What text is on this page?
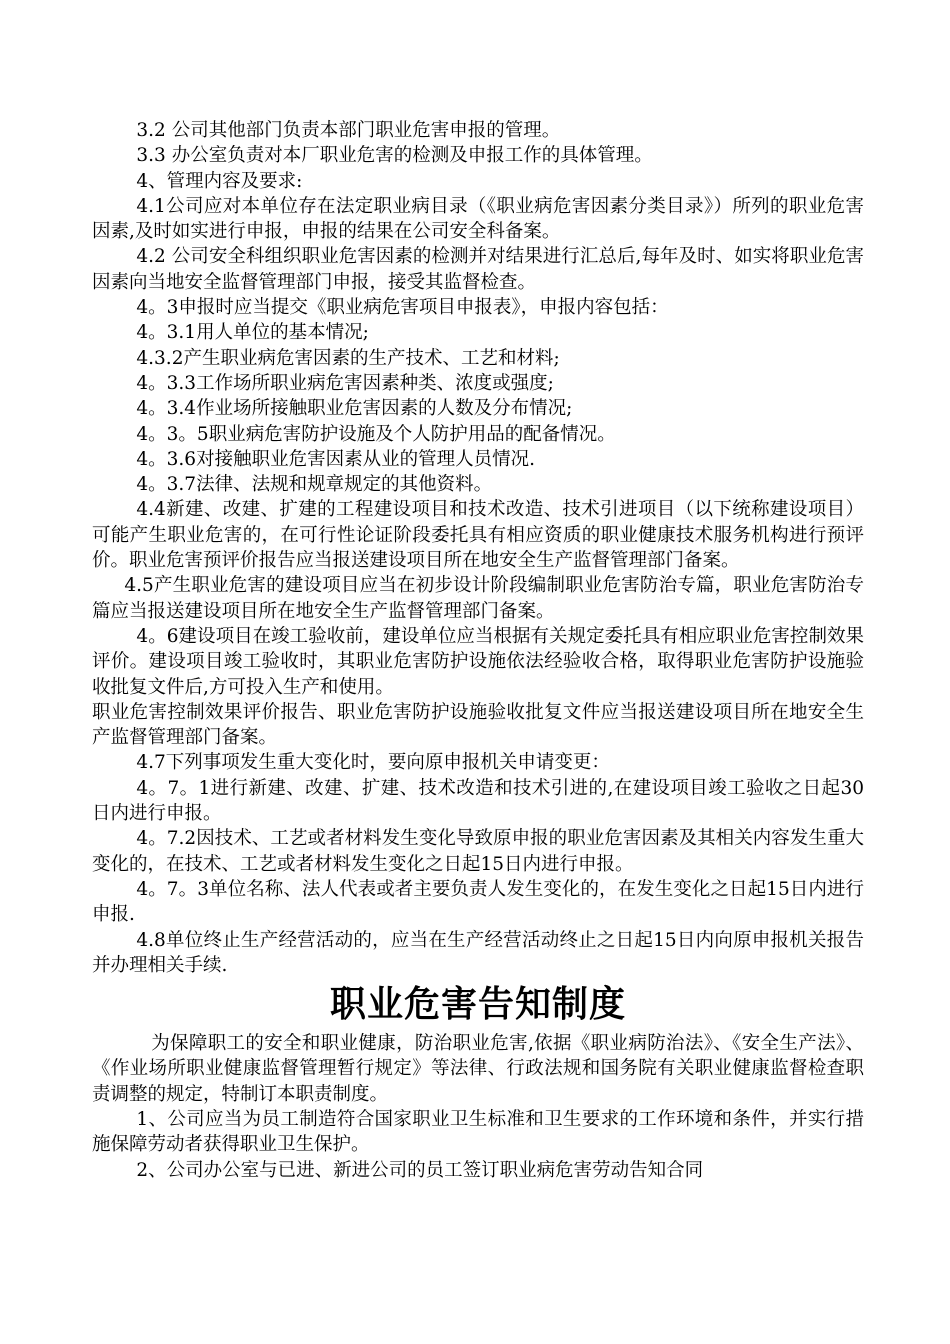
3.2 公司其他部门负责本部门职业危害申报的管理。

3.3 办公室负责对本厂职业危害的检测及申报工作的具体管理。

4、管理内容及要求:

4.1公司应对本单位存在法定职业病目录（《职业病危害因素分类目录》）所列的职业危害因素,及时如实进行申报，申报的结果在公司安全科备案。

4.2 公司安全科组织职业危害因素的检测并对结果进行汇总后,每年及时、如实将职业危害因素向当地安全监督管理部门申报，接受其监督检查。

4。3申报时应当提交《职业病危害项目申报表》，申报内容包括：

4。3.1用人单位的基本情况;

4.3.2产生职业病危害因素的生产技术、工艺和材料;

4。3.3工作场所职业病危害因素种类、浓度或强度;

4。3.4作业场所接触职业危害因素的人数及分布情况;

4。3。5职业病危害防护设施及个人防护用品的配备情况。

4。3.6对接触职业危害因素从业的管理人员情况.

4。3.7法律、法规和规章规定的其他资料。

4.4新建、改建、扩建的工程建设项目和技术改造、技术引进项目（以下统称建设项目）可能产生职业危害的，在可行性论证阶段委托具有相应资质的职业健康技术服务机构进行预评价。职业危害预评价报告应当报送建设项目所在地安全生产监督管理部门备案。

4.5产生职业危害的建设项目应当在初步设计阶段编制职业危害防治专篇，职业危害防治专篇应当报送建设项目所在地安全生产监督管理部门备案。

4。6建设项目在竣工验收前，建设单位应当根据有关规定委托具有相应职业危害控制效果评价。建设项目竣工验收时，其职业危害防护设施依法经验收合格，取得职业危害防护设施验收批复文件后,方可投入生产和使用。

职业危害控制效果评价报告、职业危害防护设施验收批复文件应当报送建设项目所在地安全生产监督管理部门备案。

4.7下列事项发生重大变化时，要向原申报机关申请变更：

4。7。1进行新建、改建、扩建、技术改造和技术引进的,在建设项目竣工验收之日起30日内进行申报。

4。7.2因技术、工艺或者材料发生变化导致原申报的职业危害因素及其相关内容发生重大变化的，在技术、工艺或者材料发生变化之日起15日内进行申报。

4。7。3单位名称、法人代表或者主要负责人发生变化的，在发生变化之日起15日内进行申报.

4.8单位终止生产经营活动的，应当在生产经营活动终止之日起15日内向原申报机关报告并办理相关手续.

职业危害告知制度

为保障职工的安全和职业健康，防治职业危害,依据《职业病防治法》、《安全生产法》、《作业场所职业健康监督管理暂行规定》等法律、行政法规和国务院有关职业健康监督检查职责调整的规定，特制订本职责制度。

1、公司应当为员工制造符合国家职业卫生标准和卫生要求的工作环境和条件，并实行措施保障劳动者获得职业卫生保护。

2、公司办公室与已进、新进公司的员工签订职业病危害劳动告知合同
